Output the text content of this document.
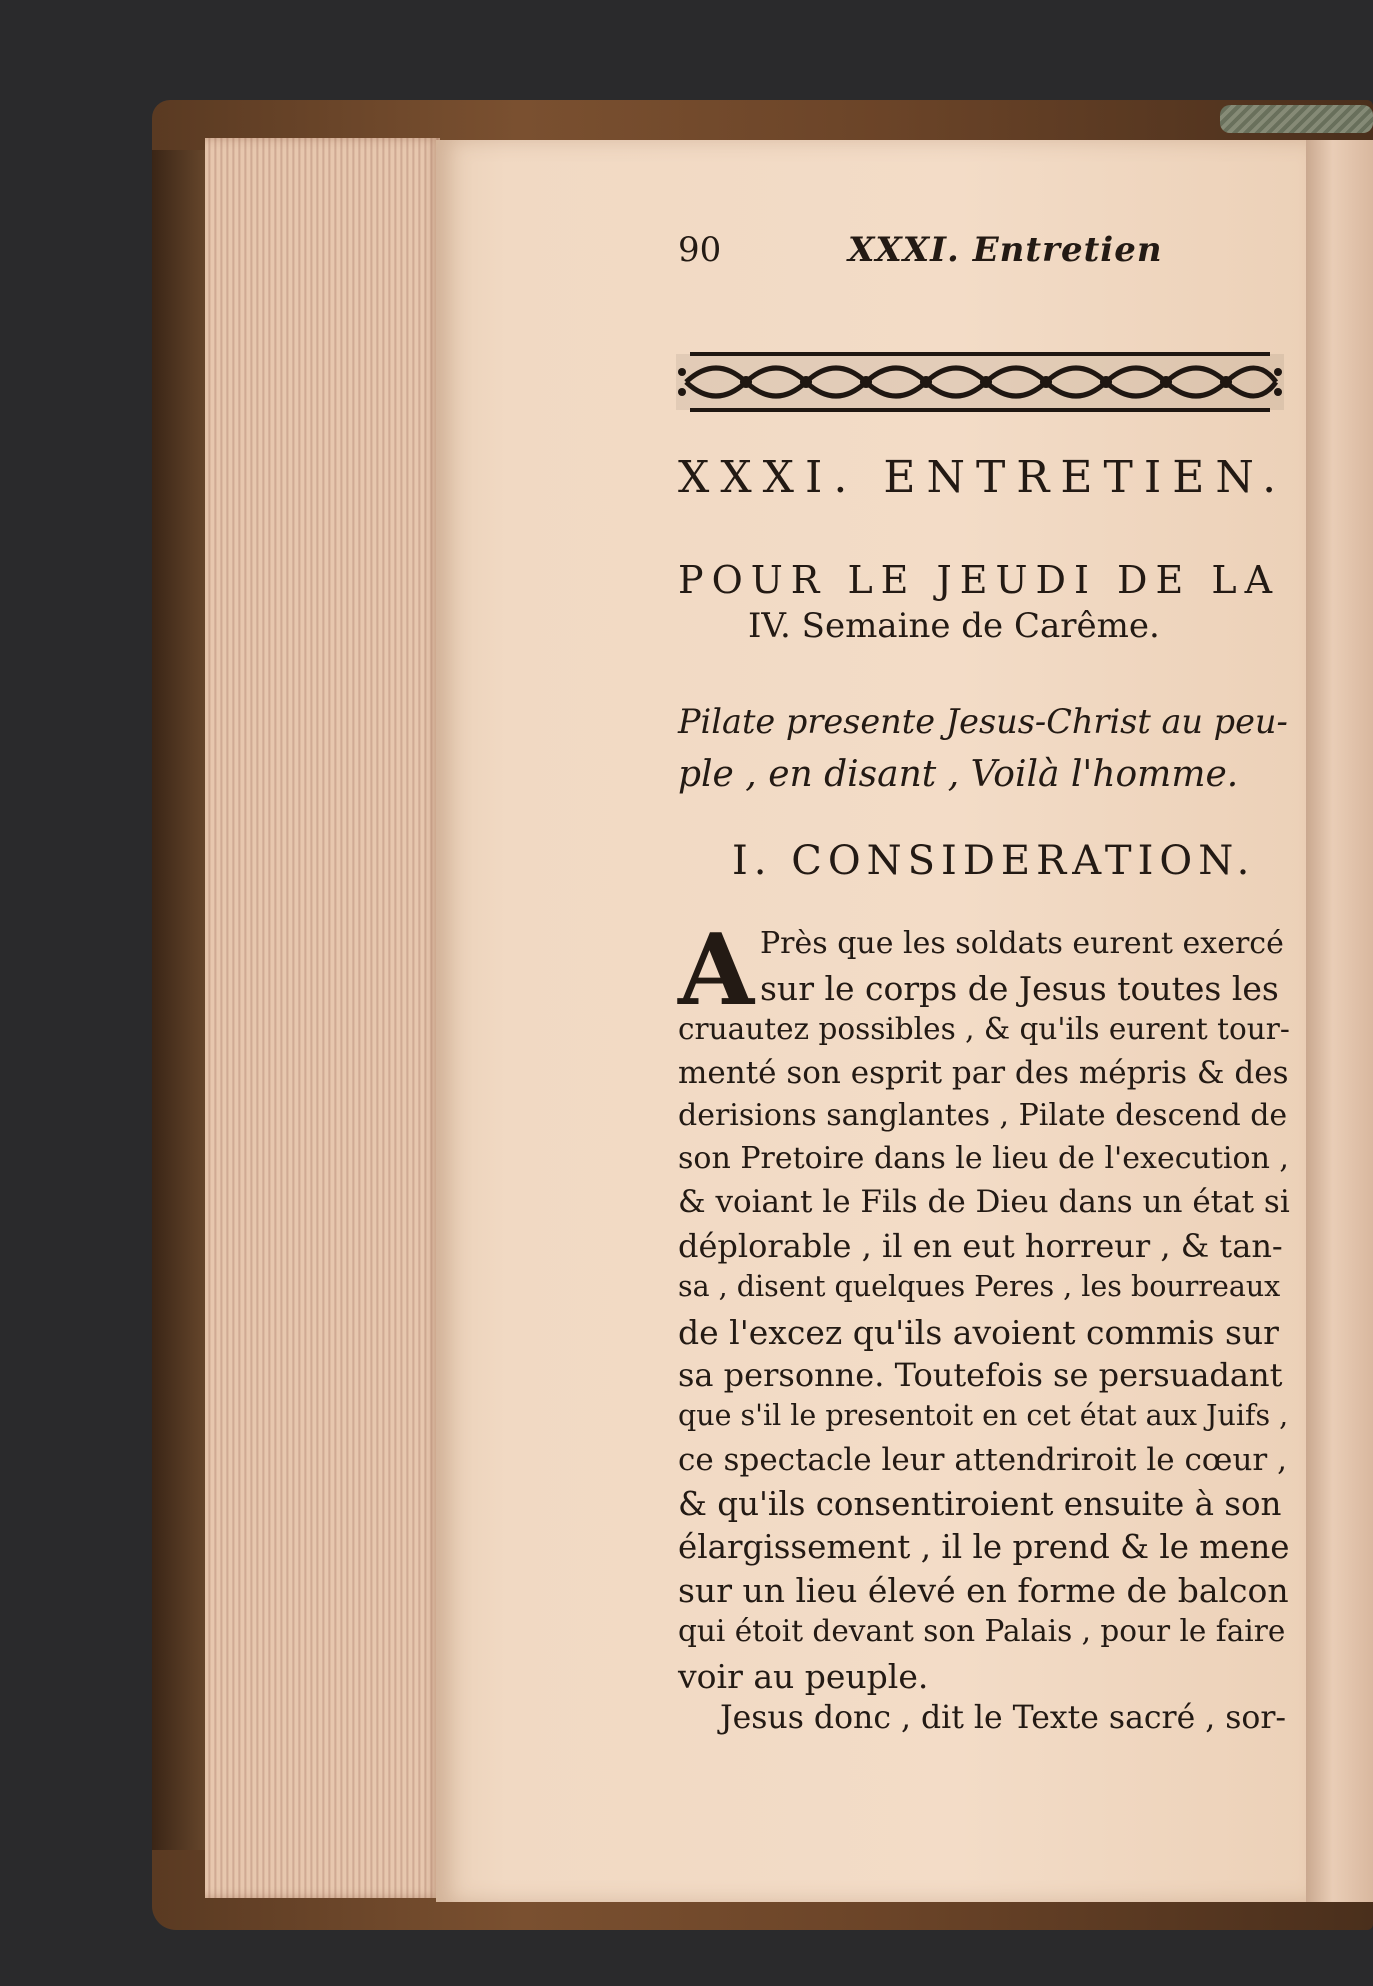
90	XXXI. Entretien
XXXI. ENTRETIEN.
POUR LE JEUDI DE LA
IV. Semaine de Carême.
Pilate presente Jesus-Christ au peu-
ple , en disant , Voilà l'homme.
I. CONSIDERATION.
A Près que les soldats eurent exercé
sur le corps de Jesus toutes les
cruautez possibles , & qu'ils eurent tour-
menté son esprit par des mépris & des
derisions sanglantes , Pilate descend de
son Pretoire dans le lieu de l'execution ,
& voiant le Fils de Dieu dans un état si
déplorable , il en eut horreur , & tan-
sa , disent quelques Peres , les bourreaux
de l'excez qu'ils avoient commis sur
sa personne. Toutefois se persuadant
que s'il le presentoit en cet état aux Juifs ,
ce spectacle leur attendriroit le cœur ,
& qu'ils consentiroient ensuite à son
élargissement , il le prend & le mene
sur un lieu élevé en forme de balcon
qui étoit devant son Palais , pour le faire
voir au peuple.
Jesus donc , dit le Texte sacré , sor-
